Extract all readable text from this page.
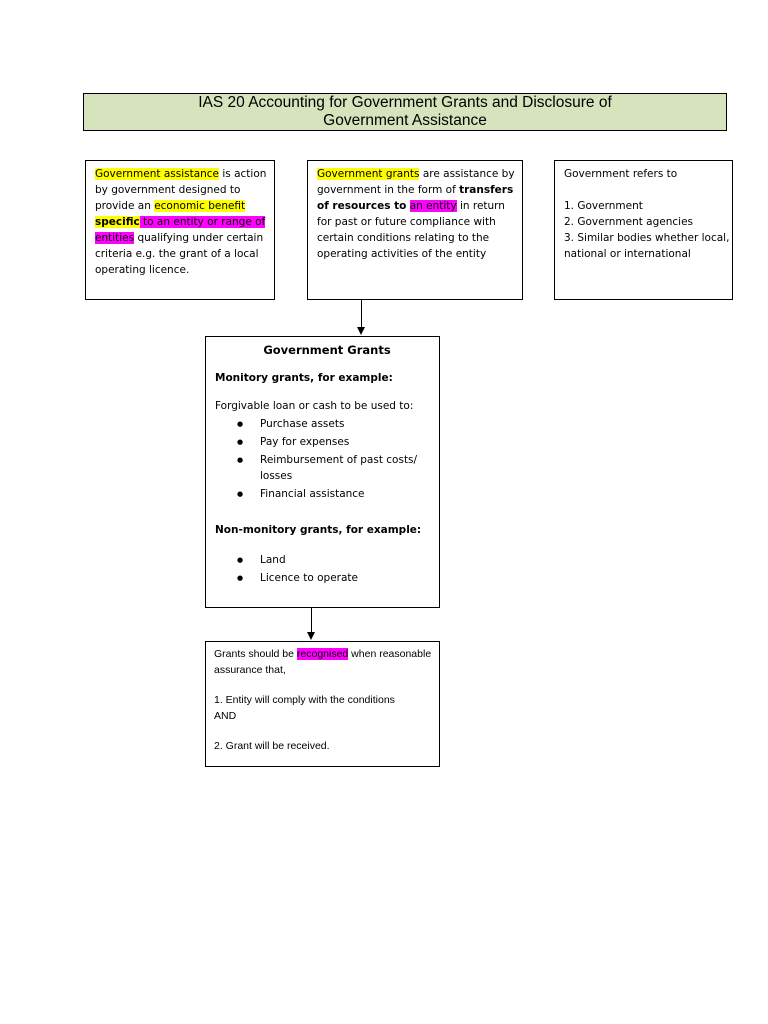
IAS 20 Accounting for Government Grants and Disclosure of
Government Assistance

Government assistance is action by government designed to provide an economic benefit
specific to an entity or range of entities qualifying under certain criteria e.g. the grant of a local operating licence.

Government grants are assistance by government in the form of transfers of resources to an entity in return for past or future compliance with certain conditions relating to the operating activities of the entity

Government refers to

1. Government

2. Government agencies

3. Similar bodies whether local, national or international

Government Grants

Monitory grants, for example:

Forgivable loan or cash to be used to:

● Purchase assets
● Pay for expenses
● Reimbursement of past costs/ losses
● Financial assistance

Non-monitory grants, for example:

● Land
● Licence to operate

Grants should be recognised when reasonable assurance that,

1. Entity will comply with the conditions

AND

2. Grant will be received.
